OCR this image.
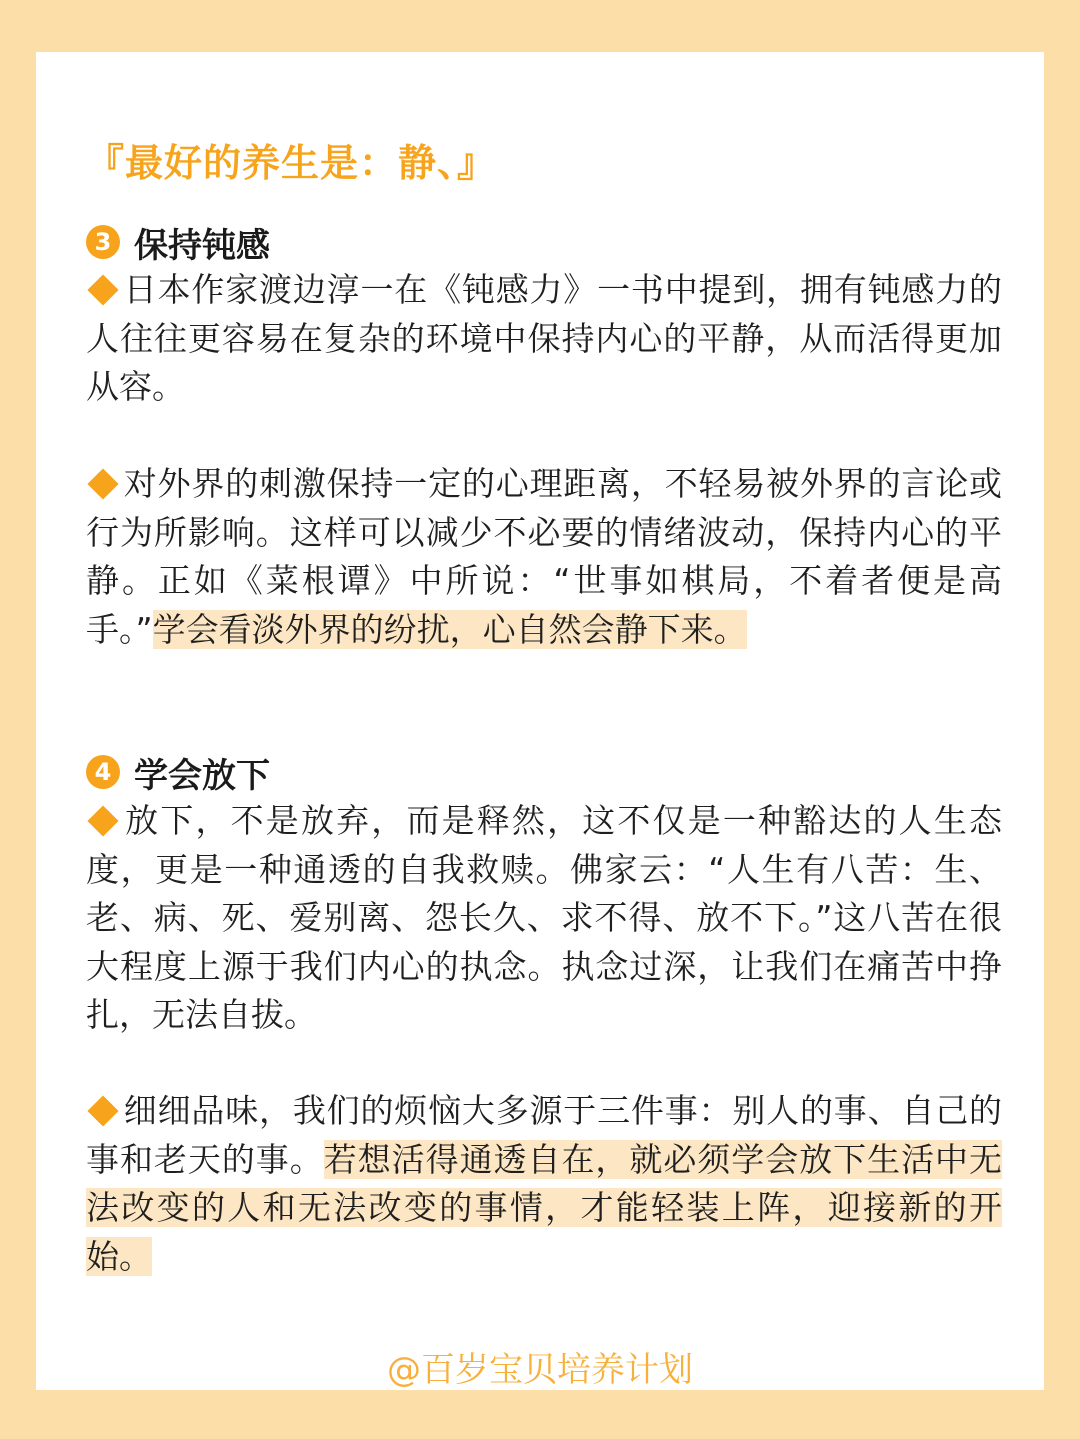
『最好的养生是：静、』
3 保持钝感

日本作家渡边淳一在《钝感力》一书中提到，拥有钝感力的人往往更容易在复杂的环境中保持内心的平静，从而活得更加从容。

对外界的刺激保持一定的心理距离，不轻易被外界的言论或行为所影响。这样可以减少不必要的情绪波动，保持内心的平静。正如《菜根谭》中所说：“世事如棋局，不着者便是高手。”学会看淡外界的纷扰，心自然会静下来。

4 学会放下

放下，不是放弃，而是释然，这不仅是一种豁达的人生态度，更是一种通透的自我救赎。佛家云：“人生有八苦：生、老、病、死、爱别离、怨长久、求不得、放不下。”这八苦在很大程度上源于我们内心的执念。执念过深，让我们在痛苦中挣扎，无法自拔。

细细品味，我们的烦恼大多源于三件事：别人的事、自己的事和老天的事。若想活得通透自在，就必须学会放下生活中无法改变的人和无法改变的事情，才能轻装上阵，迎接新的开始。

@百岁宝贝培养计划
